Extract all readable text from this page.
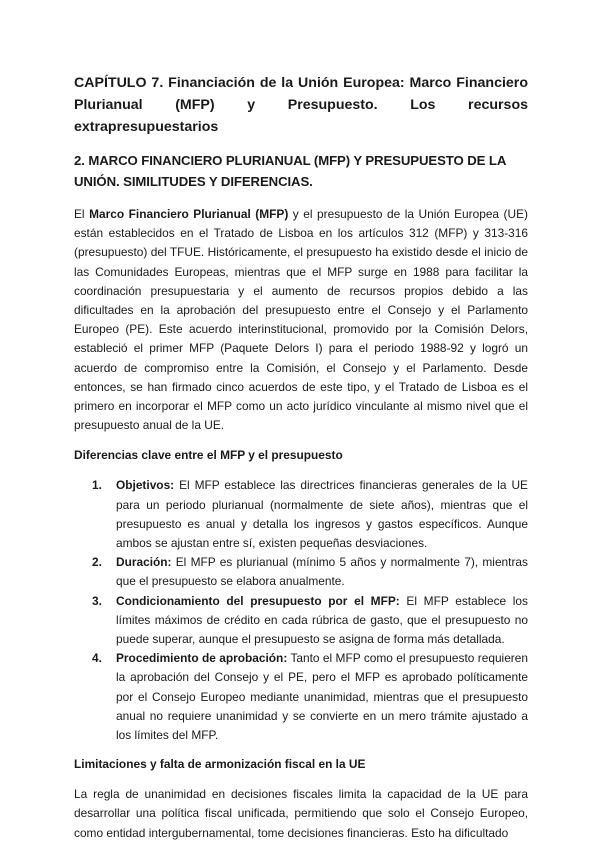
CAPÍTULO 7. Financiación de la Unión Europea: Marco Financiero Plurianual (MFP) y Presupuesto. Los recursos extrapresupuestarios
2. MARCO FINANCIERO PLURIANUAL (MFP) Y PRESUPUESTO DE LA UNIÓN. SIMILITUDES Y DIFERENCIAS.

El Marco Financiero Plurianual (MFP) y el presupuesto de la Unión Europea (UE) están establecidos en el Tratado de Lisboa en los artículos 312 (MFP) y 313-316 (presupuesto) del TFUE. Históricamente, el presupuesto ha existido desde el inicio de las Comunidades Europeas, mientras que el MFP surge en 1988 para facilitar la coordinación presupuestaria y el aumento de recursos propios debido a las dificultades en la aprobación del presupuesto entre el Consejo y el Parlamento Europeo (PE). Este acuerdo interinstitucional, promovido por la Comisión Delors, estableció el primer MFP (Paquete Delors I) para el periodo 1988-92 y logró un acuerdo de compromiso entre la Comisión, el Consejo y el Parlamento. Desde entonces, se han firmado cinco acuerdos de este tipo, y el Tratado de Lisboa es el primero en incorporar el MFP como un acto jurídico vinculante al mismo nivel que el presupuesto anual de la UE.

Diferencias clave entre el MFP y el presupuesto
1. Objetivos: El MFP establece las directrices financieras generales de la UE para un periodo plurianual (normalmente de siete años), mientras que el presupuesto es anual y detalla los ingresos y gastos específicos. Aunque ambos se ajustan entre sí, existen pequeñas desviaciones.
2. Duración: El MFP es plurianual (mínimo 5 años y normalmente 7), mientras que el presupuesto se elabora anualmente.
3. Condicionamiento del presupuesto por el MFP: El MFP establece los límites máximos de crédito en cada rúbrica de gasto, que el presupuesto no puede superar, aunque el presupuesto se asigna de forma más detallada.
4. Procedimiento de aprobación: Tanto el MFP como el presupuesto requieren la aprobación del Consejo y el PE, pero el MFP es aprobado políticamente por el Consejo Europeo mediante unanimidad, mientras que el presupuesto anual no requiere unanimidad y se convierte en un mero trámite ajustado a los límites del MFP.
Limitaciones y falta de armonización fiscal en la UE

La regla de unanimidad en decisiones fiscales limita la capacidad de la UE para desarrollar una política fiscal unificada, permitiendo que solo el Consejo Europeo, como entidad intergubernamental, tome decisiones financieras. Esto ha dificultado
